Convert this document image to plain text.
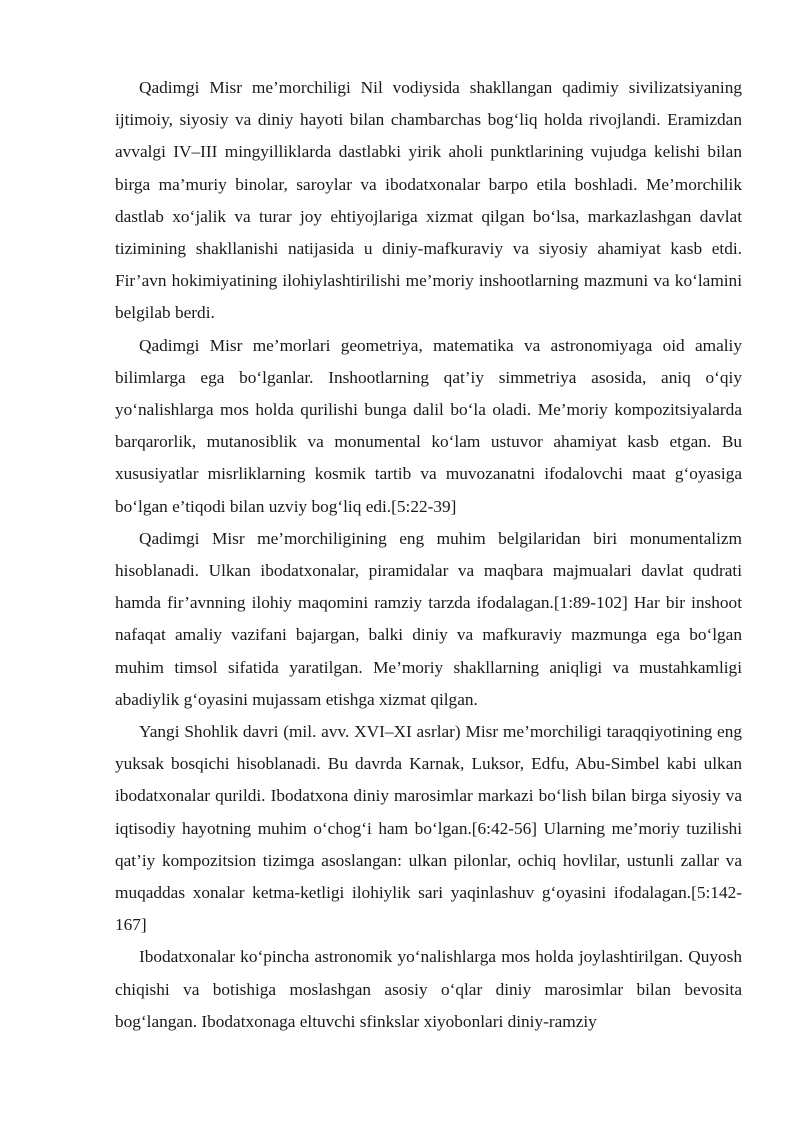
Qadimgi Misr me’morchiligi Nil vodiysida shakllangan qadimiy sivilizatsiyaning ijtimoiy, siyosiy va diniy hayoti bilan chambarchas bog‘liq holda rivojlandi. Eramizdan avvalgi IV–III mingyilliklarda dastlabki yirik aholi punktlarining vujudga kelishi bilan birga ma’muriy binolar, saroylar va ibodatxonalar barpo etila boshladi. Me’morchilik dastlab xo‘jalik va turar joy ehtiyojlariga xizmat qilgan bo‘lsa, markazlashgan davlat tizimining shakllanishi natijasida u diniy-mafkuraviy va siyosiy ahamiyat kasb etdi. Fir’avn hokimiyatining ilohiylashtirilishi me’moriy inshootlarning mazmuni va ko‘lamini belgilab berdi.

Qadimgi Misr me’morlari geometriya, matematika va astronomiyaga oid amaliy bilimlarga ega bo‘lganlar. Inshootlarning qat’iy simmetriya asosida, aniq o‘qiy yo‘nalishlarga mos holda qurilishi bunga dalil bo‘la oladi. Me’moriy kompozitsiyalarda barqarorlik, mutanosiblik va monumental ko‘lam ustuvor ahamiyat kasb etgan. Bu xususiyatlar misrliklarning kosmik tartib va muvozanatni ifodalovchi maat g‘oyasiga bo‘lgan e’tiqodi bilan uzviy bog‘liq edi.[5:22-39]

Qadimgi Misr me’morchiligining eng muhim belgilaridan biri monumentalizm hisoblanadi. Ulkan ibodatxonalar, piramidalar va maqbara majmualari davlat qudrati hamda fir’avnning ilohiy maqomini ramziy tarzda ifodalagan.[1:89-102] Har bir inshoot nafaqat amaliy vazifani bajargan, balki diniy va mafkuraviy mazmunga ega bo‘lgan muhim timsol sifatida yaratilgan. Me’moriy shakllarning aniqligi va mustahkamligi abadiylik g‘oyasini mujassam etishga xizmat qilgan.

Yangi Shohlik davri (mil. avv. XVI–XI asrlar) Misr me’morchiligi taraqqiyotining eng yuksak bosqichi hisoblanadi. Bu davrda Karnak, Luksor, Edfu, Abu-Simbel kabi ulkan ibodatxonalar qurildi. Ibodatxona diniy marosimlar markazi bo‘lish bilan birga siyosiy va iqtisodiy hayotning muhim o‘chog‘i ham bo‘lgan.[6:42-56] Ularning me’moriy tuzilishi qat’iy kompozitsion tizimga asoslangan: ulkan pilonlar, ochiq hovlilar, ustunli zallar va muqaddas xonalar ketma-ketligi ilohiylik sari yaqinlashuv g‘oyasini ifodalagan.[5:142-167]

Ibodatxonalar ko‘pincha astronomik yo‘nalishlarga mos holda joylashtirilgan. Quyosh chiqishi va botishiga moslashgan asosiy o‘qlar diniy marosimlar bilan bevosita bog‘langan. Ibodatxonaga eltuvchi sfinkslar xiyobonlari diniy-ramziy
